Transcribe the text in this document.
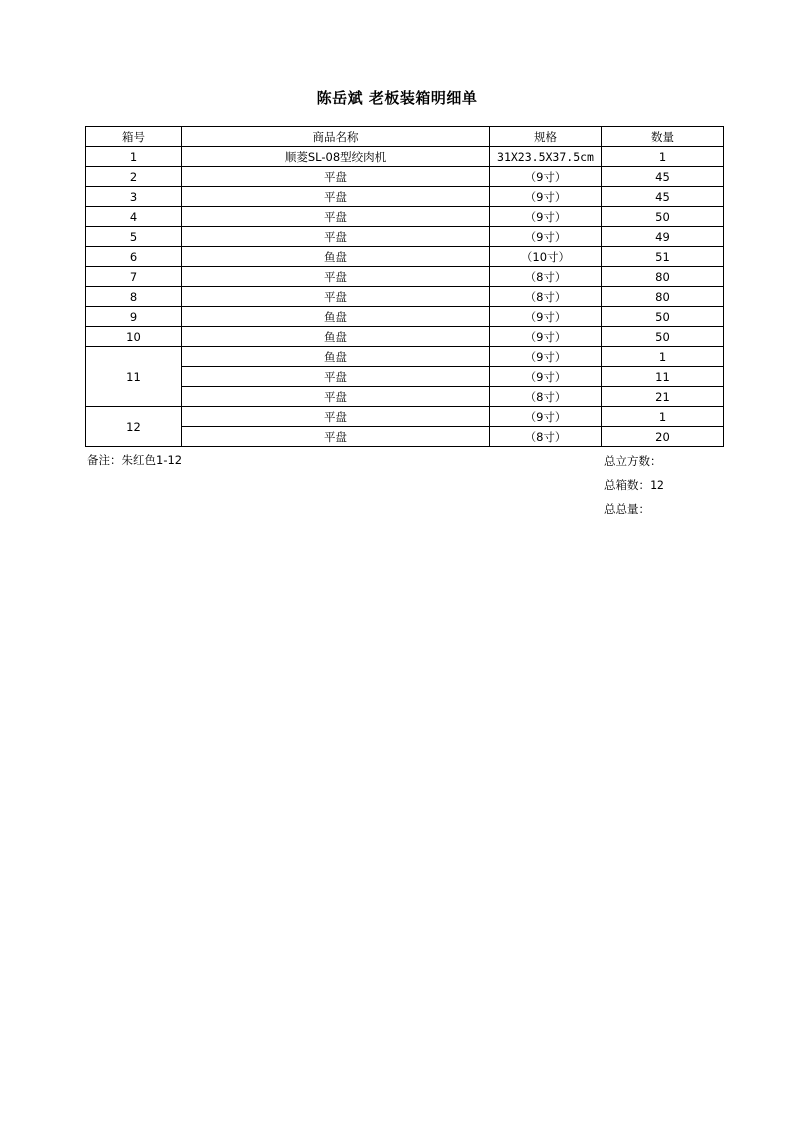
陈岳斌 老板装箱明细单
箱号	商品名称	规格	数量
1	顺菱SL-08型绞肉机	31X23.5X37.5cm	1
2	平盘	（9寸）	45
3	平盘	（9寸）	45
4	平盘	（9寸）	50
5	平盘	（9寸）	49
6	鱼盘	（10寸）	51
7	平盘	（8寸）	80
8	平盘	（8寸）	80
9	鱼盘	（9寸）	50
10	鱼盘	（9寸）	50
11	鱼盘	（9寸）	1
	平盘	（9寸）	11
	平盘	（8寸）	21
12	平盘	（9寸）	1
	平盘	（8寸）	20
备注：朱红色1-12	总立方数：
总箱数：12
总总量：
